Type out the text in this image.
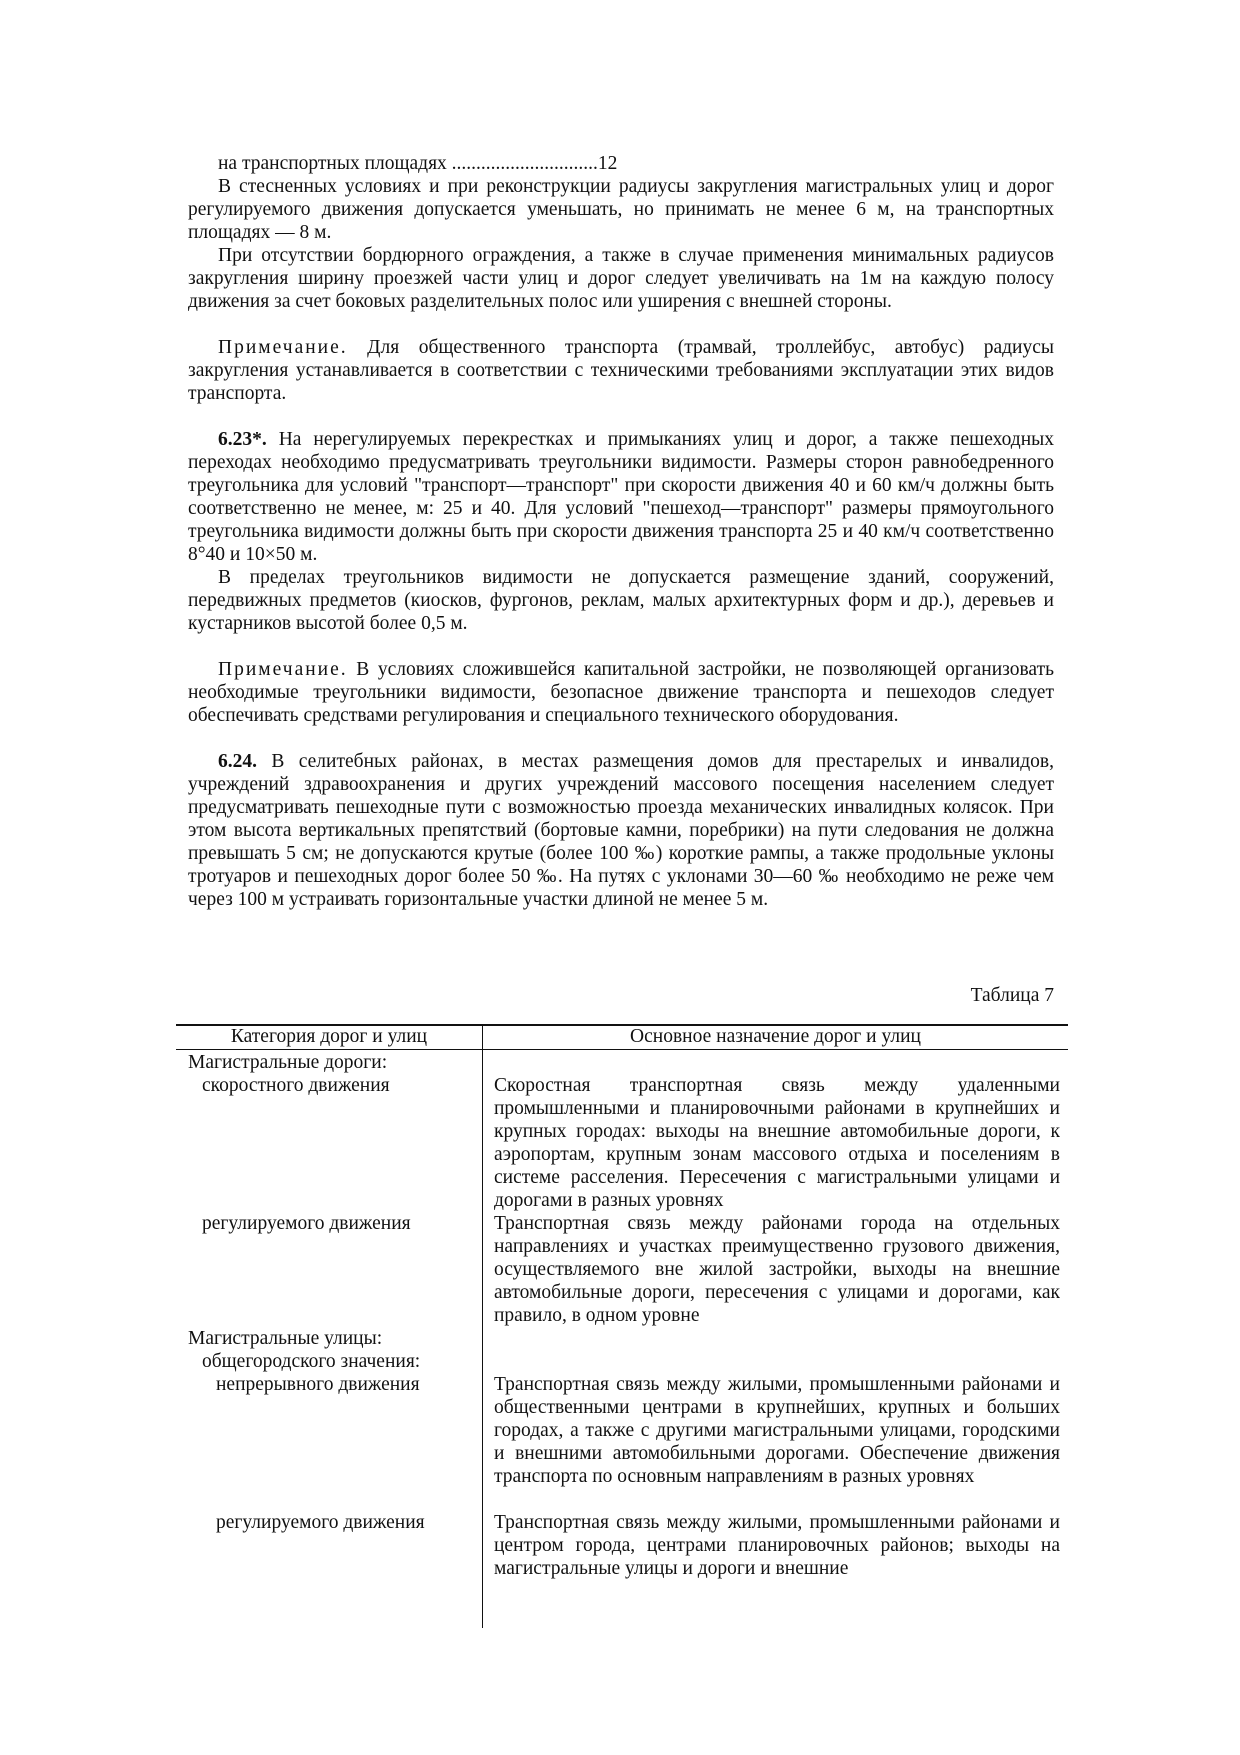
на транспортных площадях ..............................12

В стесненных условиях и при реконструкции радиусы закругления магистральных улиц и дорог регулируемого движения допускается уменьшать, но принимать не менее 6 м, на транспортных площадях — 8 м.

При отсутствии бордюрного ограждения, а также в случае применения минимальных радиусов закругления ширину проезжей части улиц и дорог следует увеличивать на 1м на каждую полосу движения за счет боковых разделительных полос или уширения с внешней стороны.

Примечание. Для общественного транспорта (трамвай, троллейбус, автобус) радиусы закругления устанавливается в соответствии с техническими требованиями эксплуатации этих видов транспорта.

6.23*. На нерегулируемых перекрестках и примыканиях улиц и дорог, а также пешеходных переходах необходимо предусматривать треугольники видимости. Размеры сторон равнобедренного треугольника для условий "транспорт—транспорт" при скорости движения 40 и 60 км/ч должны быть соответственно не менее, м: 25 и 40. Для условий "пешеход—транспорт" размеры прямоугольного треугольника видимости должны быть при скорости движения транспорта 25 и 40 км/ч соответственно 8°40 и 10×50 м.

В пределах треугольников видимости не допускается размещение зданий, сооружений, передвижных предметов (киосков, фургонов, реклам, малых архитектурных форм и др.), деревьев и кустарников высотой более 0,5 м.

Примечание. В условиях сложившейся капитальной застройки, не позволяющей организовать необходимые треугольники видимости, безопасное движение транспорта и пешеходов следует обеспечивать средствами регулирования и специального технического оборудования.

6.24. В селитебных районах, в местах размещения домов для престарелых и инвалидов, учреждений здравоохранения и других учреждений массового посещения населением следует предусматривать пешеходные пути с возможностью проезда механических инвалидных колясок. При этом высота вертикальных препятствий (бортовые камни, поребрики) на пути следования не должна превышать 5 см; не допускаются крутые (более 100 ‰) короткие рампы, а также продольные уклоны тротуаров и пешеходных дорог более 50 ‰. На путях с уклонами 30—60 ‰ необходимо не реже чем через 100 м устраивать горизонтальные участки длиной не менее 5 м.

Таблица 7
Категория дорог и улиц	Основное назначение дорог и улиц
Магистральные дороги:
скоростного движения	Скоростная транспортная связь между удаленными промышленными и планировочными районами в крупнейших и крупных городах: выходы на внешние автомобильные дороги, к аэропортам, крупным зонам массового отдыха и поселениям в системе расселения. Пересечения с магистральными улицами и дорогами в разных уровнях
регулируемого движения	Транспортная связь между районами города на отдельных направлениях и участках преимущественно грузового движения, осуществляемого вне жилой застройки, выходы на внешние автомобильные дороги, пересечения с улицами и дорогами, как правило, в одном уровне
Магистральные улицы:
общегородского значения:
непрерывного движения	Транспортная связь между жилыми, промышленными районами и общественными центрами в крупнейших, крупных и больших городах, а также с другими магистральными улицами, городскими и внешними автомобильными дорогами. Обеспечение движения транспорта по основным направлениям в разных уровнях
регулируемого движения	Транспортная связь между жилыми, промышленными районами и центром города, центрами планировочных районов; выходы на магистральные улицы и дороги и внешние
